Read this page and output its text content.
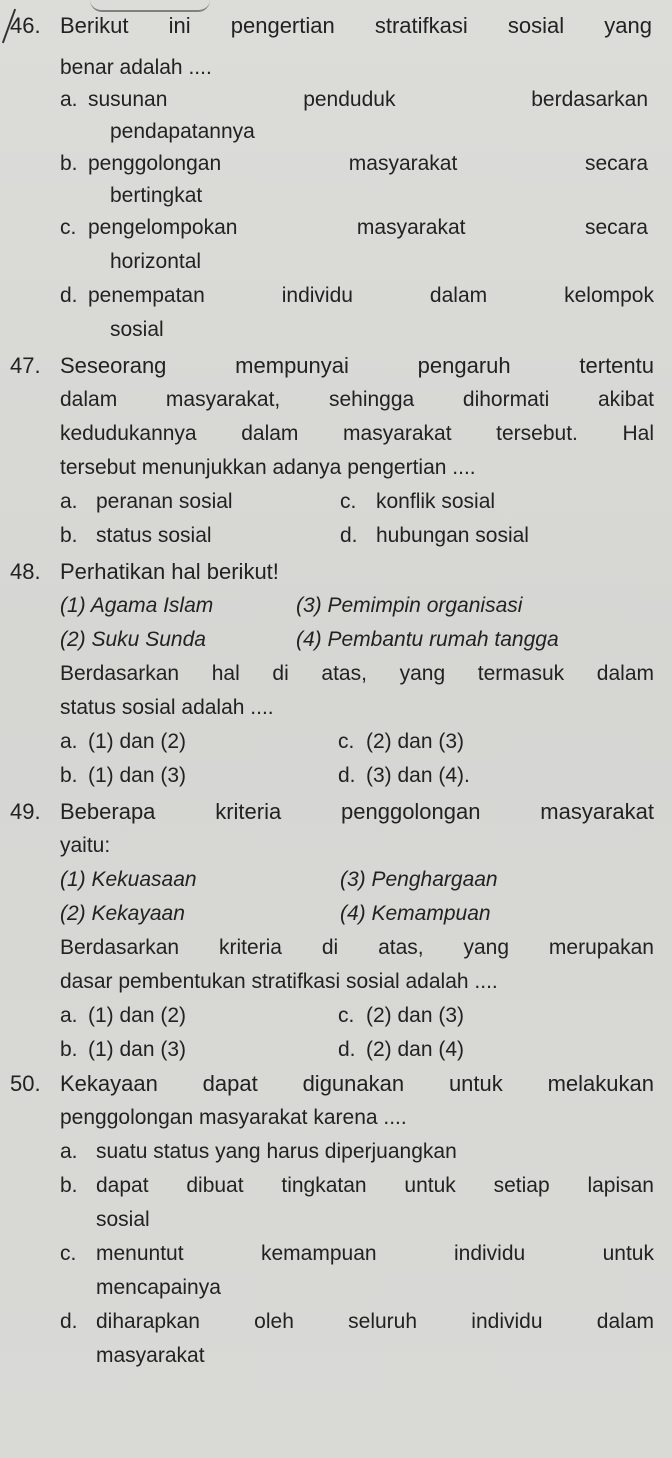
46. Berikut ini pengertian stratifkasi sosial yang
benar adalah ....
a. susunan penduduk berdasarkan
pendapatannya
b. penggolongan masyarakat secara
bertingkat
c. pengelompokan masyarakat secara
horizontal
d. penempatan individu dalam kelompok
sosial
47. Seseorang mempunyai pengaruh tertentu
dalam masyarakat, sehingga dihormati akibat
kedudukannya dalam masyarakat tersebut. Hal
tersebut menunjukkan adanya pengertian ....
a. peranan sosial	c. konflik sosial
b. status sosial	d. hubungan sosial
48. Perhatikan hal berikut!
(1) Agama Islam	(3) Pemimpin organisasi
(2) Suku Sunda	(4) Pembantu rumah tangga
Berdasarkan hal di atas, yang termasuk dalam
status sosial adalah ....
a. (1) dan (2)	c. (2) dan (3)
b. (1) dan (3)	d. (3) dan (4).
49. Beberapa kriteria penggolongan masyarakat
yaitu:
(1) Kekuasaan	(3) Penghargaan
(2) Kekayaan	(4) Kemampuan
Berdasarkan kriteria di atas, yang merupakan
dasar pembentukan stratifkasi sosial adalah ....
a. (1) dan (2)	c. (2) dan (3)
b. (1) dan (3)	d. (2) dan (4)
50. Kekayaan dapat digunakan untuk melakukan
penggolongan masyarakat karena ....
a. suatu status yang harus diperjuangkan
b. dapat dibuat tingkatan untuk setiap lapisan
sosial
c. menuntut kemampuan individu untuk
mencapainya
d. diharapkan oleh seluruh individu dalam
masyarakat
